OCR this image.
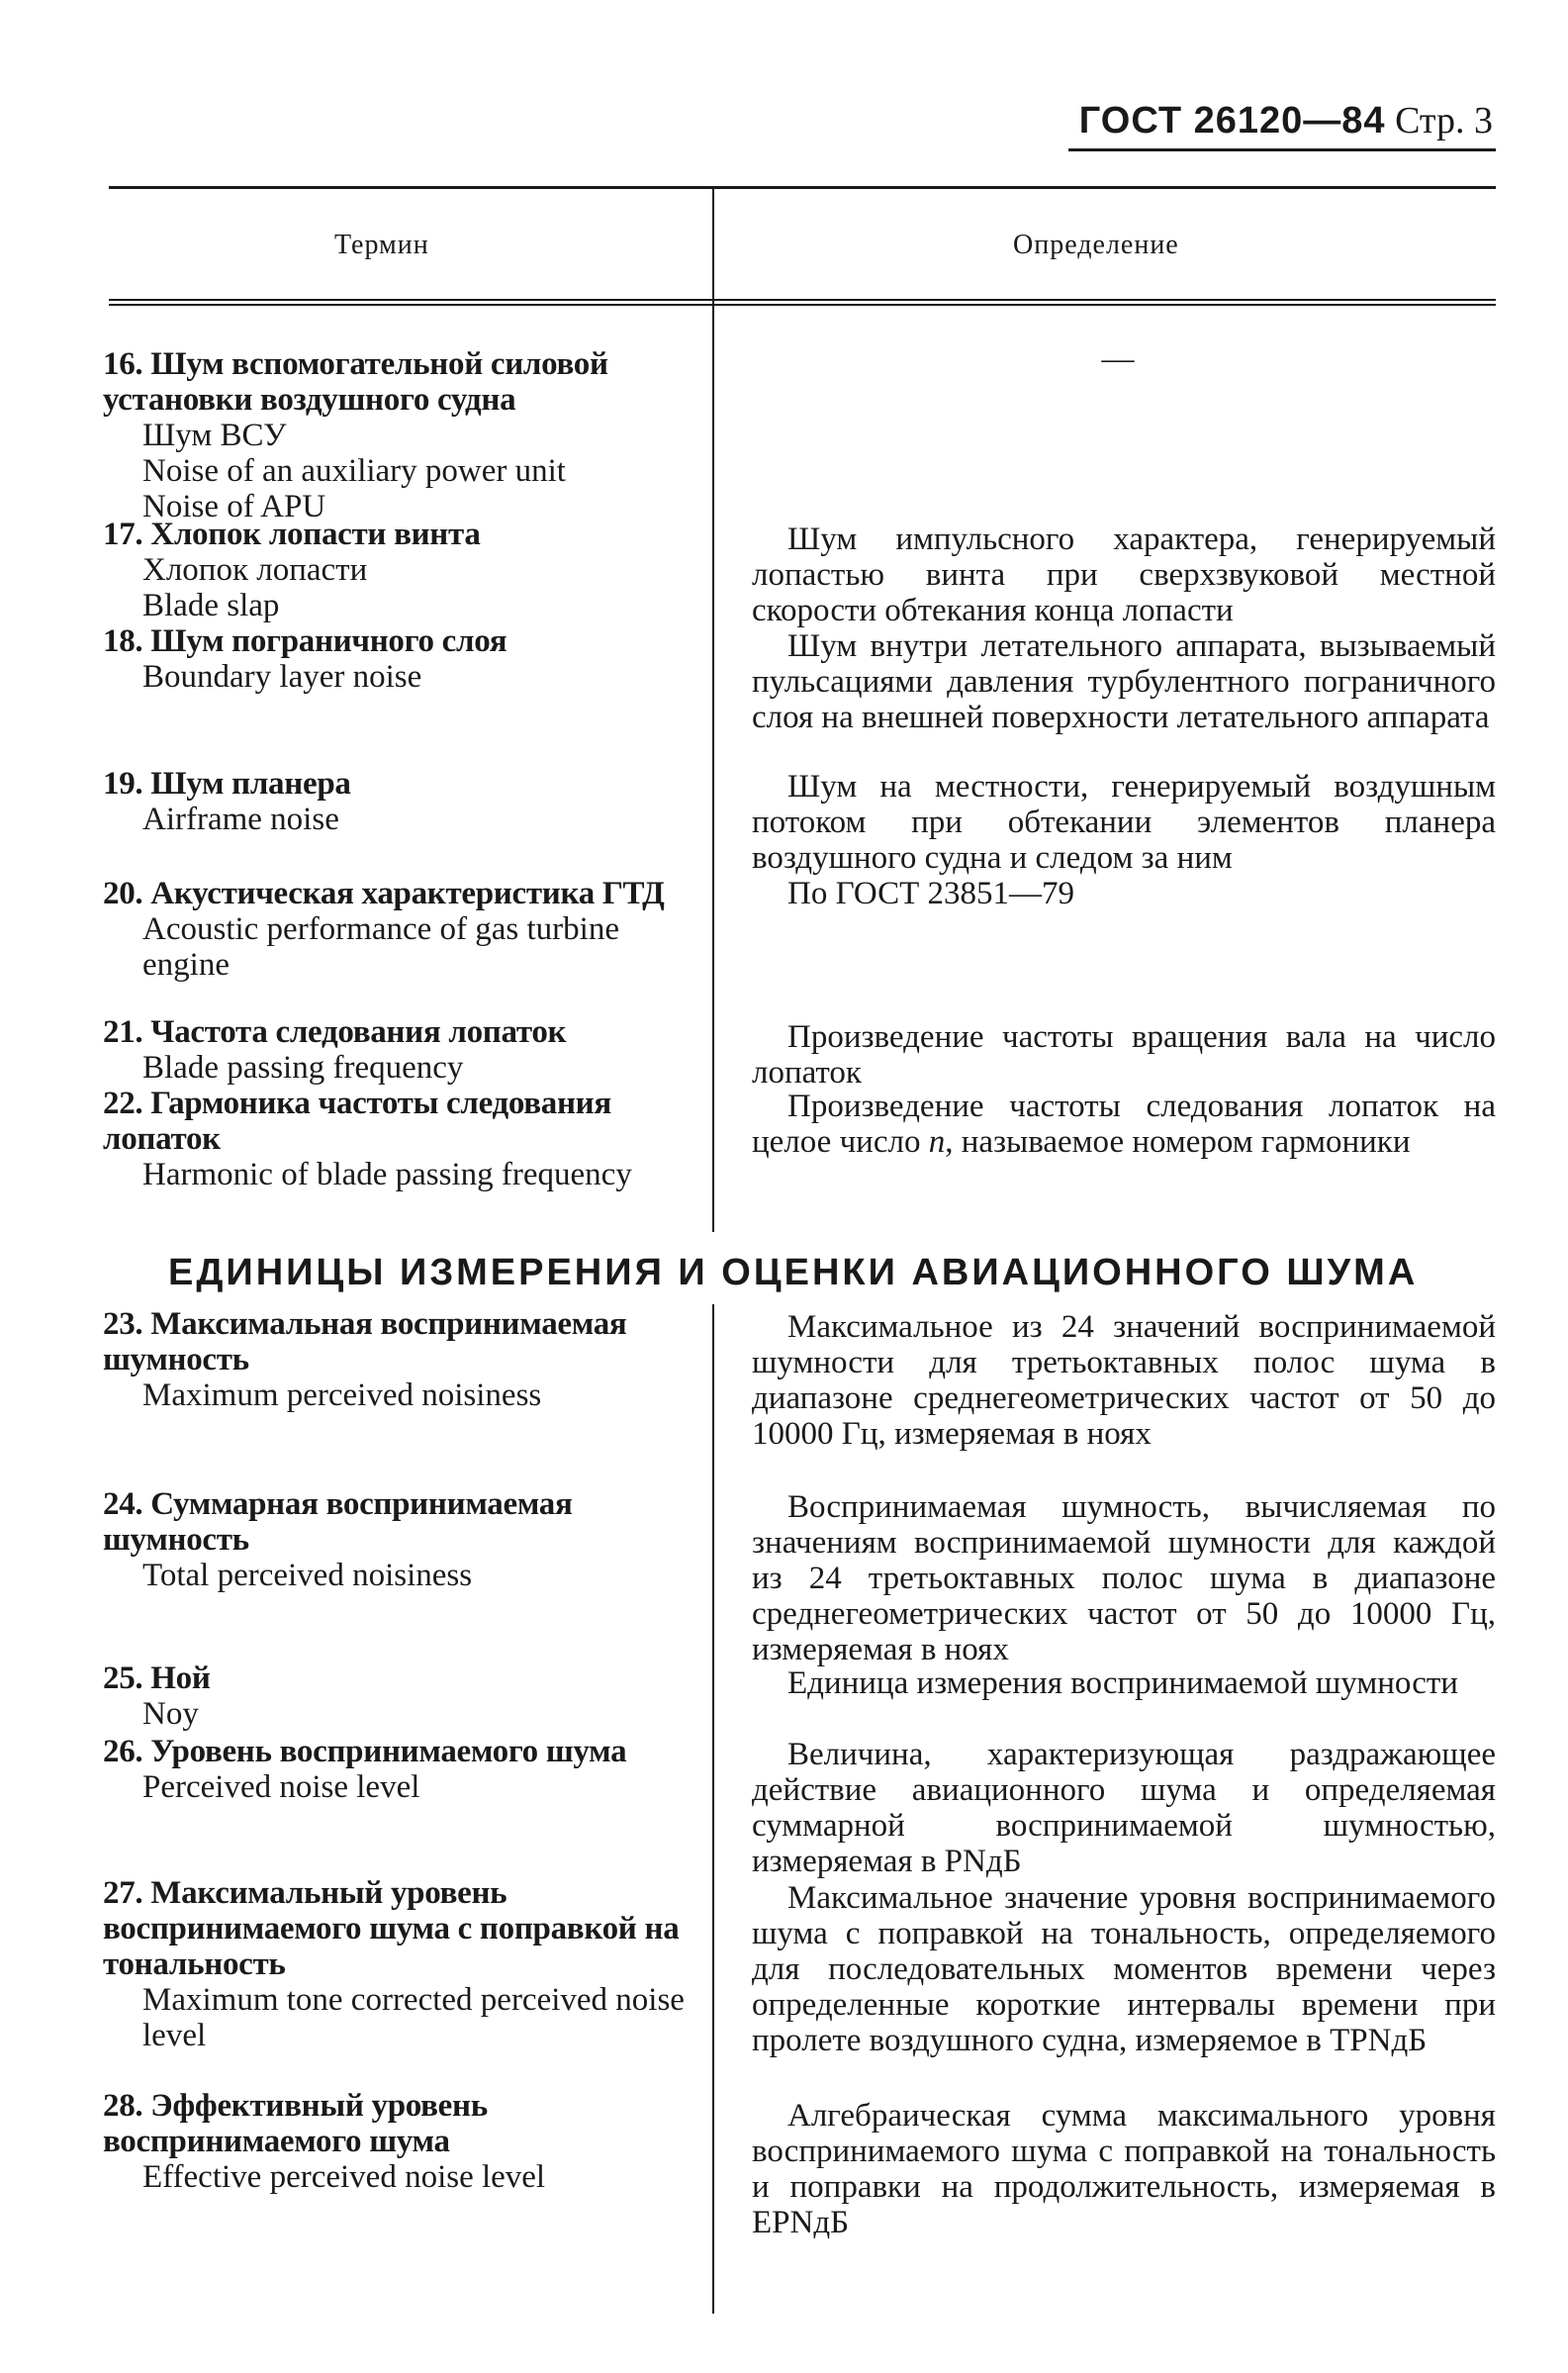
ГОСТ 26120—84 Стр. 3
Термин	Определение
16. Шум вспомогательной силовой установки воздушного судна
Шум ВСУ
Noise of an auxiliary power unit
Noise of APU
—
17. Хлопок лопасти винта
Хлопок лопасти
Blade slap
Шум импульсного характера, генерируемый лопастью винта при сверхзвуковой местной скорости обтекания конца лопасти
18. Шум пограничного слоя
Boundary layer noise
Шум внутри летательного аппарата, вызываемый пульсациями давления турбулентного пограничного слоя на внешней поверхности летательного аппарата
19. Шум планера
Airframe noise
Шум на местности, генерируемый воздушным потоком при обтекании элементов планера воздушного судна и следом за ним
20. Акустическая характеристика ГТД
Acoustic performance of gas turbine engine
По ГОСТ 23851—79
21. Частота следования лопаток
Blade passing frequency
Произведение частоты вращения вала на число лопаток
22. Гармоника частоты следования лопаток
Harmonic of blade passing frequency
Произведение частоты следования лопаток на целое число n, называемое номером гармоники
ЕДИНИЦЫ ИЗМЕРЕНИЯ И ОЦЕНКИ АВИАЦИОННОГО ШУМА
23. Максимальная воспринимаемая шумность
Maximum perceived noisiness
Максимальное из 24 значений воспринимаемой шумности для третьоктавных полос шума в диапазоне среднегеометрических частот от 50 до 10000 Гц, измеряемая в ноях
24. Суммарная воспринимаемая шумность
Total perceived noisiness
Воспринимаемая шумность, вычисляемая по значениям воспринимаемой шумности для каждой из 24 третьоктавных полос шума в диапазоне среднегеометрических частот от 50 до 10000 Гц, измеряемая в ноях
25. Ной
Noy
Единица измерения воспринимаемой шумности
26. Уровень воспринимаемого шума
Perceived noise level
Величина, характеризующая раздражающее действие авиационного шума и определяемая суммарной воспринимаемой шумностью, измеряемая в PNдБ
27. Максимальный уровень воспринимаемого шума с поправкой на тональность
Maximum tone corrected perceived noise level
Максимальное значение уровня воспринимаемого шума с поправкой на тональность, определяемого для последовательных моментов времени через определенные короткие интервалы времени при пролете воздушного судна, измеряемое в TPNдБ
28. Эффективный уровень воспринимаемого шума
Effective perceived noise level
Алгебраическая сумма максимального уровня воспринимаемого шума с поправкой на тональность и поправки на продолжительность, измеряемая в EPNдБ
